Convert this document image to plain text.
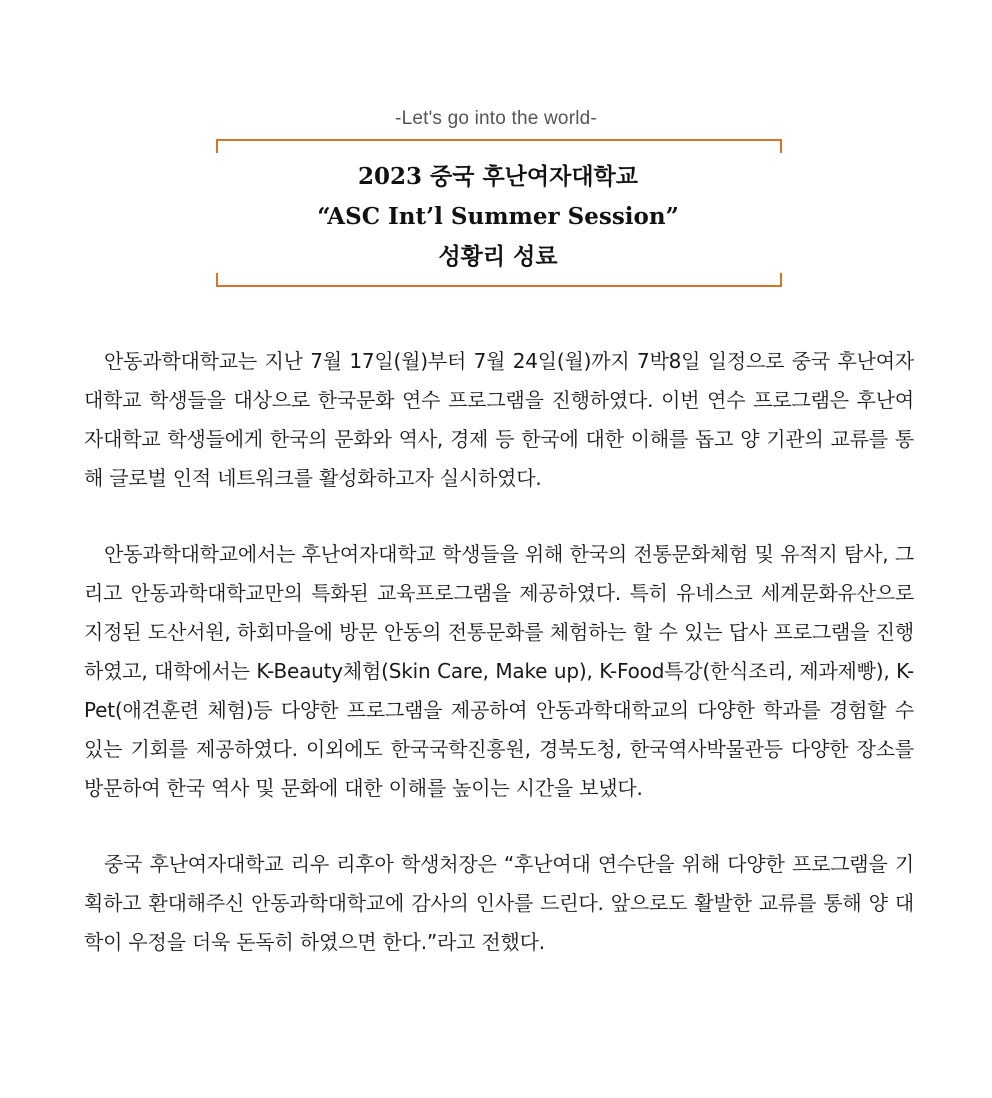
-Let's go into the world-
2023 중국 후난여자대학교
“ASC Int’l Summer Session”
성황리 성료

안동과학대학교는 지난 7월 17일(월)부터 7월 24일(월)까지 7박8일 일정으로 중국 후난여자대학교 학생들을 대상으로 한국문화 연수 프로그램을 진행하였다. 이번 연수 프로그램은 후난여자대학교 학생들에게 한국의 문화와 역사, 경제 등 한국에 대한 이해를 돕고 양 기관의 교류를 통해 글로벌 인적 네트워크를 활성화하고자 실시하였다.

안동과학대학교에서는 후난여자대학교 학생들을 위해 한국의 전통문화체험 및 유적지 탐사, 그리고 안동과학대학교만의 특화된 교육프로그램을 제공하였다. 특히 유네스코 세계문화유산으로 지정된 도산서원, 하회마을에 방문 안동의 전통문화를 체험하는 할 수 있는 답사 프로그램을 진행하였고, 대학에서는 K-Beauty체험(Skin Care, Make up), K-Food특강(한식조리, 제과제빵), K-Pet(애견훈련 체험)등 다양한 프로그램을 제공하여 안동과학대학교의 다양한 학과를 경험할 수 있는 기회를 제공하였다. 이외에도 한국국학진흥원, 경북도청, 한국역사박물관등 다양한 장소를 방문하여 한국 역사 및 문화에 대한 이해를 높이는 시간을 보냈다.

중국 후난여자대학교 리우 리후아 학생처장은 “후난여대 연수단을 위해 다양한 프로그램을 기획하고 환대해주신 안동과학대학교에 감사의 인사를 드린다. 앞으로도 활발한 교류를 통해 양 대학이 우정을 더욱 돈독히 하였으면 한다.”라고 전했다.
